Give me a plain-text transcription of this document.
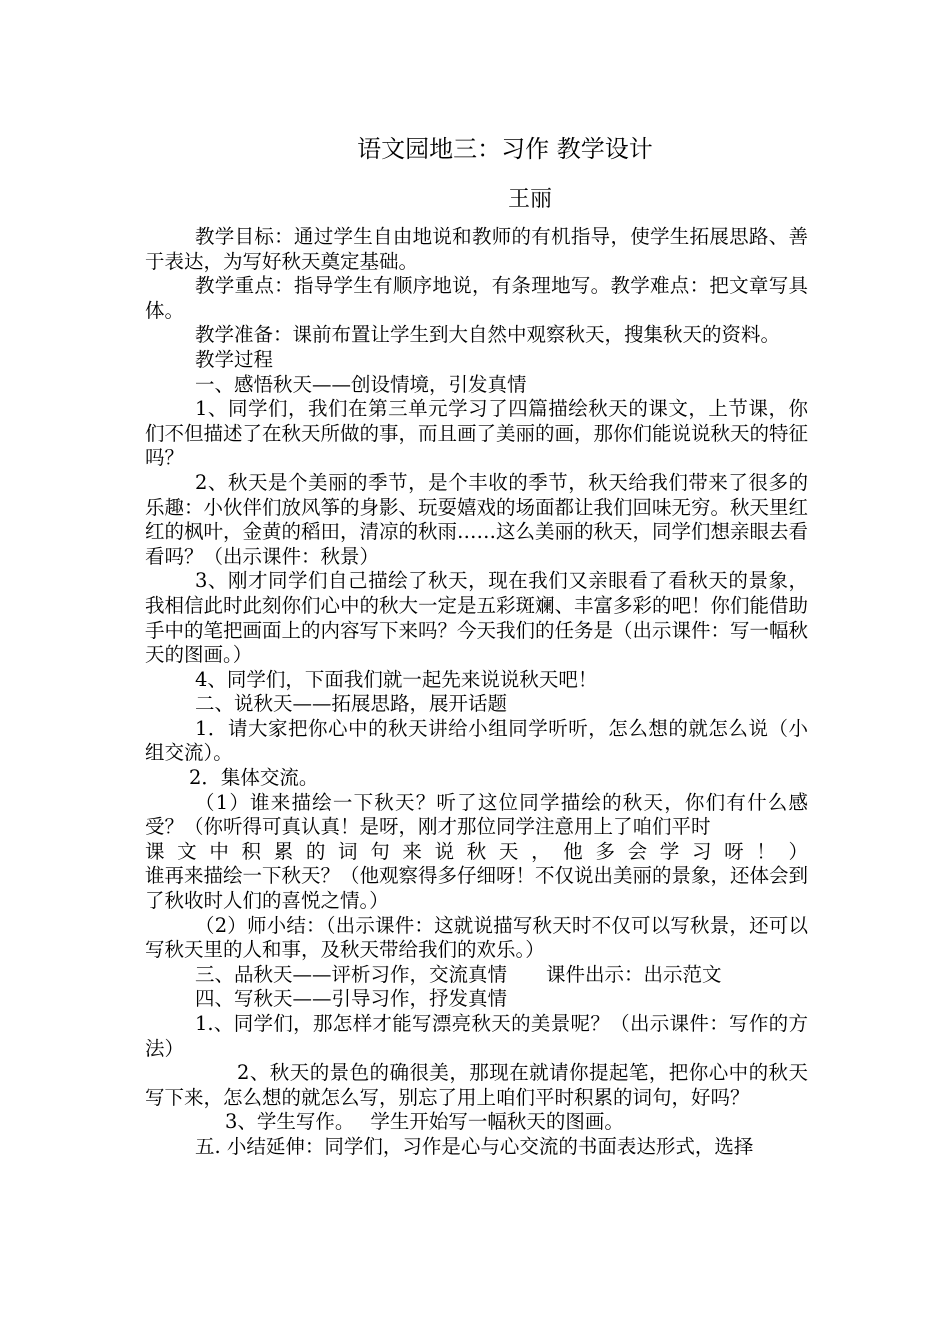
语文园地三：习作 教学设计
王丽

教学目标：通过学生自由地说和教师的有机指导，使学生拓展思路、善于表达，为写好秋天奠定基础。

教学重点：指导学生有顺序地说，有条理地写。教学难点：把文章写具体。

教学准备：课前布置让学生到大自然中观察秋天，搜集秋天的资料。

教学过程

一、感悟秋天——创设情境，引发真情

1、同学们，我们在第三单元学习了四篇描绘秋天的课文，上节课，你们不但描述了在秋天所做的事，而且画了美丽的画，那你们能说说秋天的特征吗？

2、秋天是个美丽的季节，是个丰收的季节，秋天给我们带来了很多的乐趣：小伙伴们放风筝的身影、玩耍嬉戏的场面都让我们回味无穷。秋天里红红的枫叶，金黄的稻田，清凉的秋雨……这么美丽的秋天，同学们想亲眼去看看吗？（出示课件：秋景）

3、刚才同学们自己描绘了秋天，现在我们又亲眼看了看秋天的景象，我相信此时此刻你们心中的秋大一定是五彩斑斓、丰富多彩的吧！你们能借助手中的笔把画面上的内容写下来吗？今天我们的任务是（出示课件：写一幅秋天的图画。）

4、同学们，下面我们就一起先来说说秋天吧！

二、说秋天——拓展思路，展开话题

1．请大家把你心中的秋天讲给小组同学听听，怎么想的就怎么说（小组交流）。

2．集体交流。

（1）谁来描绘一下秋天？听了这位同学描绘的秋天，你们有什么感受？（你听得可真认真！是呀，刚才那位同学注意用上了咱们平时

课文中积累的词句来说秋天，他多会学习呀！）

谁再来描绘一下秋天？（他观察得多仔细呀！不仅说出美丽的景象，还体会到了秋收时人们的喜悦之情。）

（2）师小结：（出示课件：这就说描写秋天时不仅可以写秋景，还可以写秋天里的人和事，及秋天带给我们的欢乐。）

三、品秋天——评析习作，交流真情　　课件出示：出示范文

四、写秋天——引导习作，抒发真情

1.、同学们，那怎样才能写漂亮秋天的美景呢？（出示课件：写作的方法）

2、秋天的景色的确很美，那现在就请你提起笔，把你心中的秋天写下来，怎么想的就怎么写，别忘了用上咱们平时积累的词句，好吗？

3、学生写作。　 学生开始写一幅秋天的图画。

五. 小结延伸：同学们，习作是心与心交流的书面表达形式，选择
